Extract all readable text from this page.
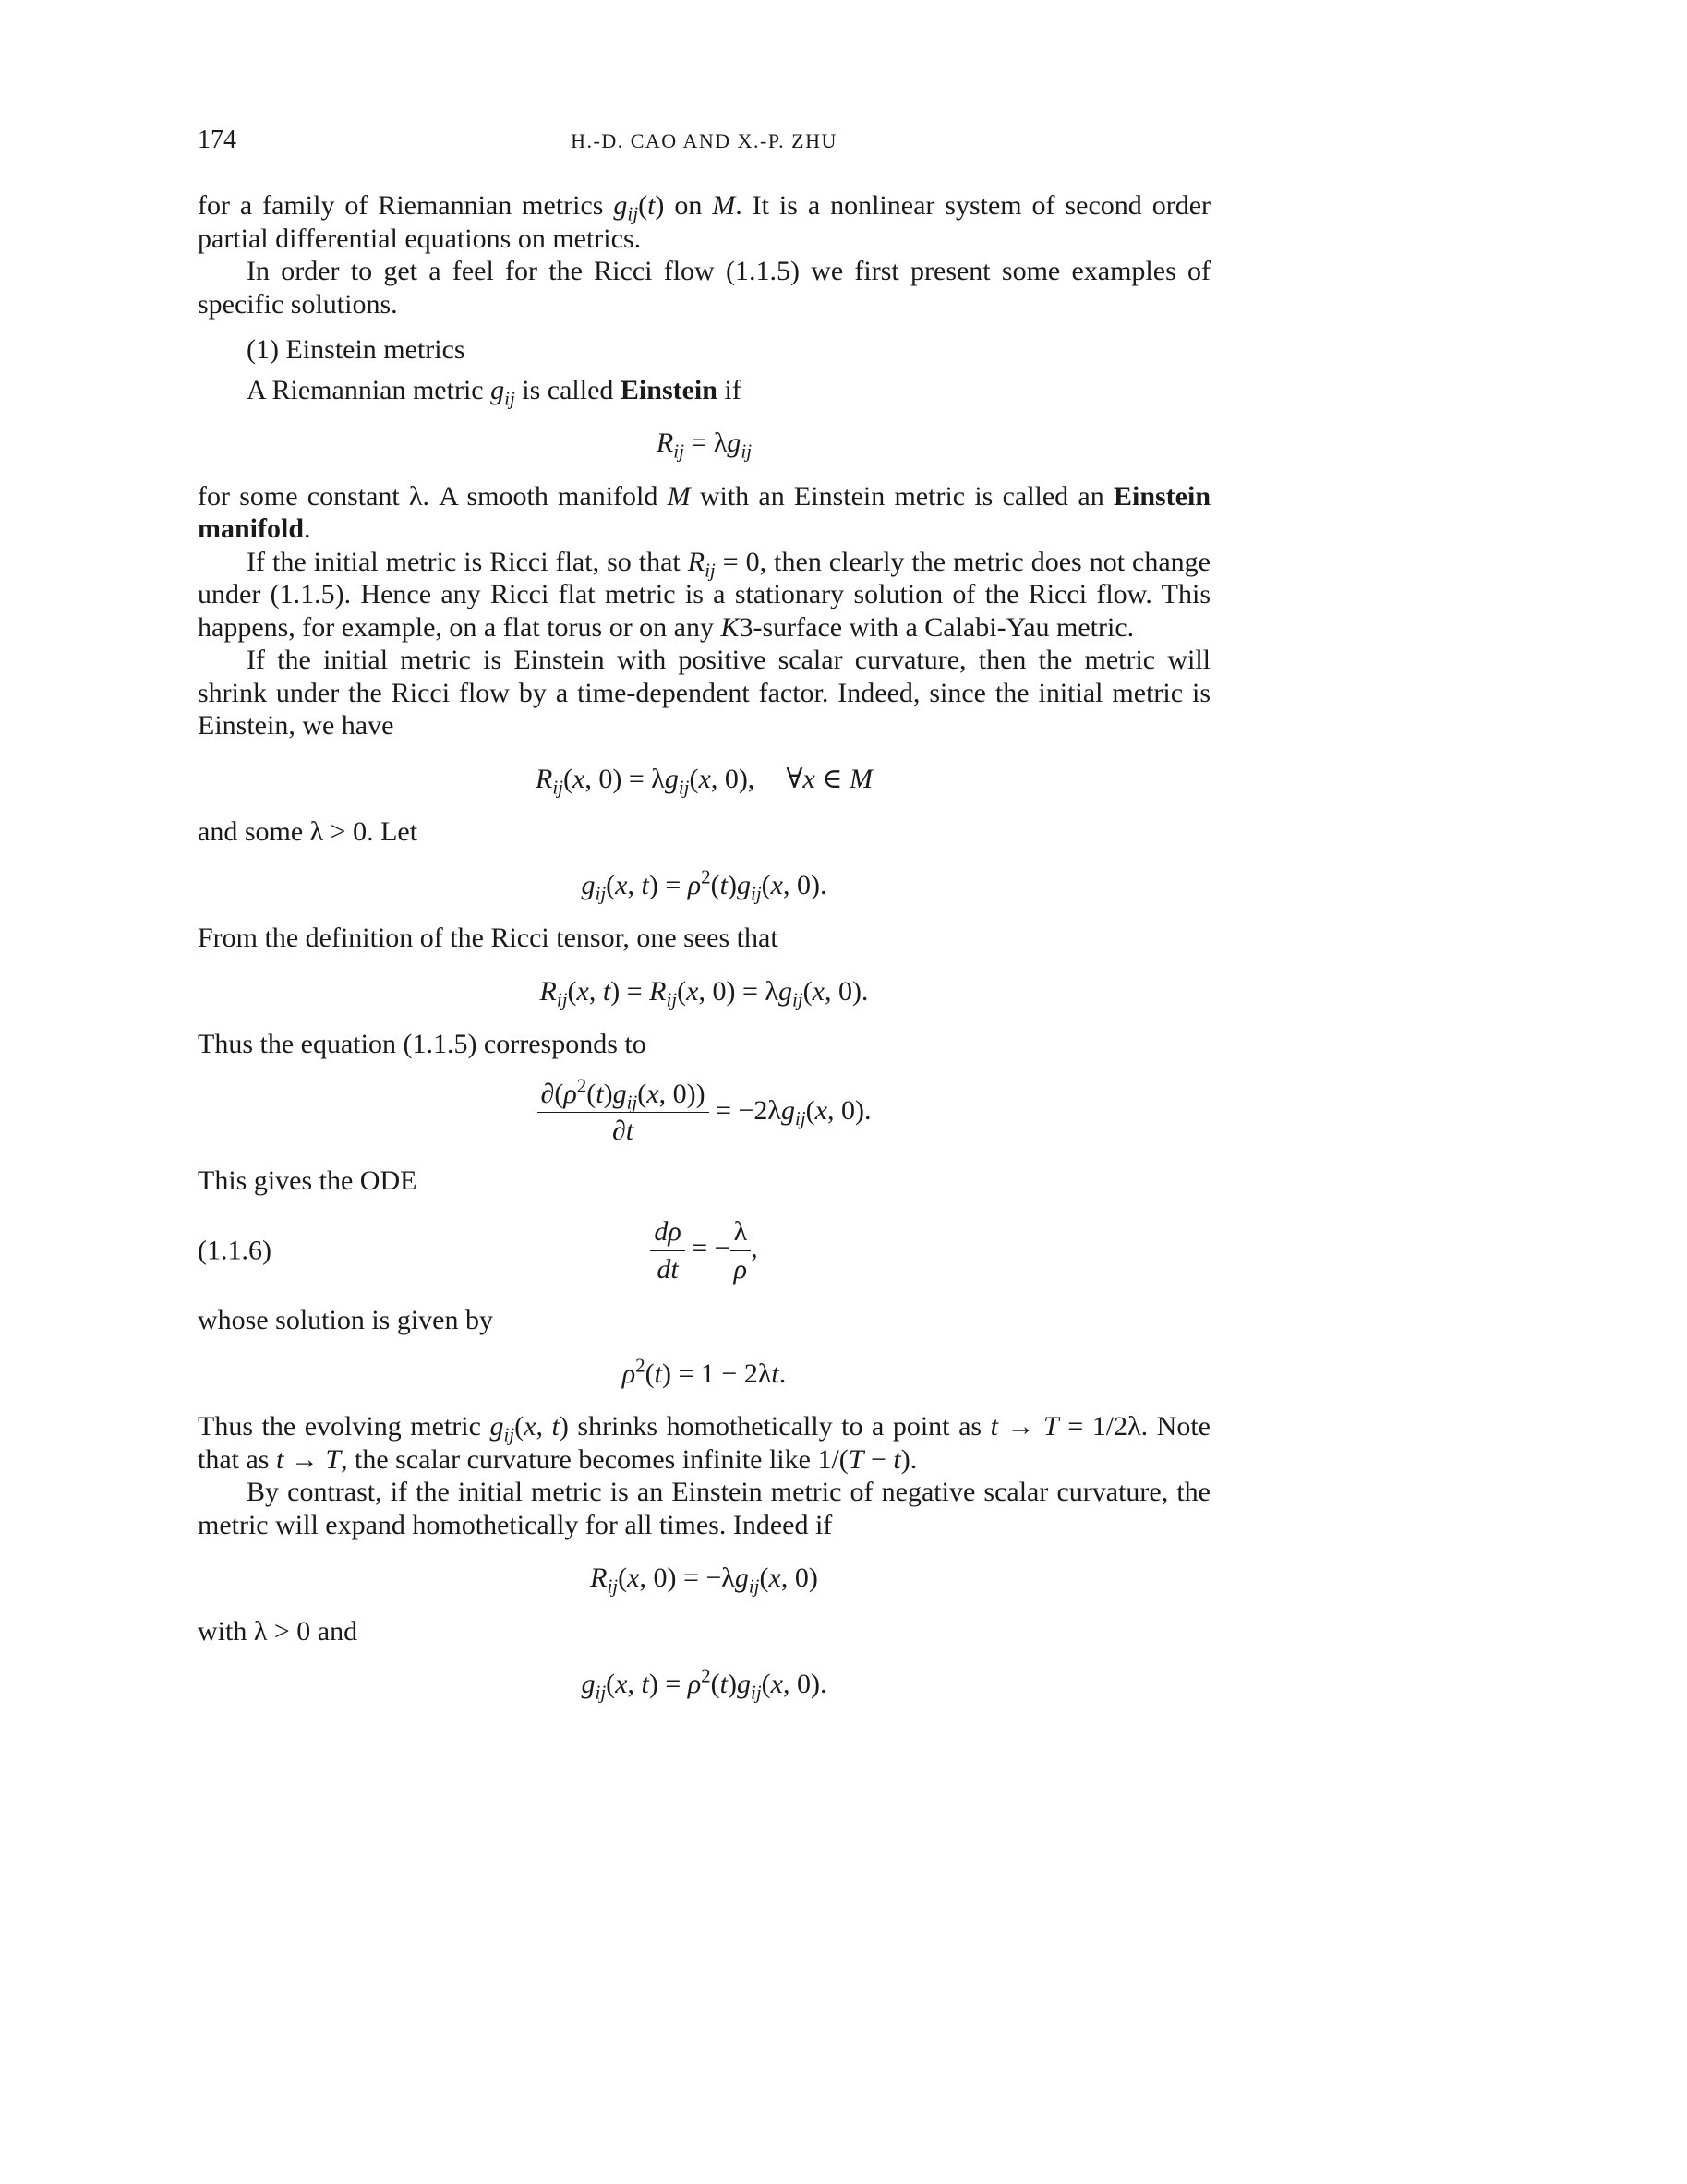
174	H.-D. CAO AND X.-P. ZHU

for a family of Riemannian metrics $g_{ij}(t)$ on M. It is a nonlinear system of second order partial differential equations on metrics.

In order to get a feel for the Ricci flow (1.1.5) we first present some examples of specific solutions.

(1) Einstein metrics

A Riemannian metric $g_{ij}$ is called Einstein if

$R_{ij} = \lambda g_{ij}$

for some constant λ. A smooth manifold M with an Einstein metric is called an Einstein manifold.

If the initial metric is Ricci flat, so that $R_{ij} = 0$, then clearly the metric does not change under (1.1.5). Hence any Ricci flat metric is a stationary solution of the Ricci flow. This happens, for example, on a flat torus or on any K3-surface with a Calabi-Yau metric.

If the initial metric is Einstein with positive scalar curvature, then the metric will shrink under the Ricci flow by a time-dependent factor. Indeed, since the initial metric is Einstein, we have

$R_{ij}(x$, $0) = \lambda g_{ij}(x$, 0), ∀x ∈ M

and some λ > 0. Let

$g_{ij}(x$, $t) = \rho^2(t)g_{ij}(x$, 0).

From the definition of the Ricci tensor, one sees that

$R_{ij}(x$, $t) = R_{ij}(x$, $0) = \lambda g_{ij}(x$, 0).

Thus the equation (1.1.5) corresponds to

$\frac{\partial(\rho^2(t)g_{ij}(x, 0))}{\partial t} = -2\lambda g_{ij}(x$, 0).

This gives the ODE

(1.1.6)	$\frac{d\rho}{dt}$ = − $\frac{\lambda}{\rho}$ ,

whose solution is given by

$\rho^2(t) = 1 - 2\lambda t$.

Thus the evolving metric $g_{ij}(x$, t) shrinks homothetically to a point as t → T = 1/2λ. Note that as t → T, the scalar curvature becomes infinite like 1/(T − t).

By contrast, if the initial metric is an Einstein metric of negative scalar curvature, the metric will expand homothetically for all times. Indeed if

$R_{ij}(x$, $0) = -\lambda g_{ij}(x$, 0)

with λ > 0 and

$g_{ij}(x$, $t) = \rho^2(t)g_{ij}(x$, 0).
